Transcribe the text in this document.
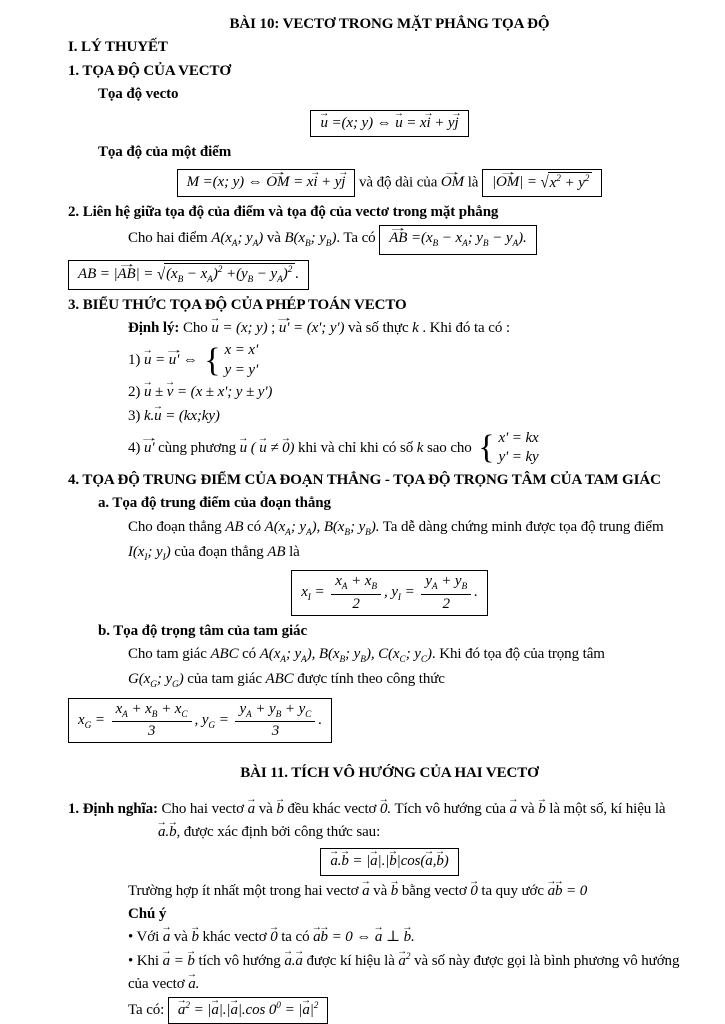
BÀI 10: VECTƠ TRONG MẶT PHẲNG TỌA ĐỘ
I. LÝ THUYẾT
1. TỌA ĐỘ CỦA VECTƠ
Tọa độ vecto
u → =(x; y) ⇔ u → = xi → + yj →
Tọa độ của một điểm
M =(x; y) ⇔ OM → = xi → + yj → và độ dài của OM → là |OM →| = √ $x^2 + y^2$
2. Liên hệ giữa tọa độ của điểm và tọa độ của vectơ trong mặt phẳng
Cho hai điểm $A(x_A$; $y_A$) và $B(x_B$; $y_B$). Ta có AB → $=(x_B - x_A$; $y_B - y_A$).
AB = |AB →| = √ $(x_B - x_A)^2 +(y_B - y_A)^2$ .
3. BIỂU THỨC TỌA ĐỘ CỦA PHÉP TOÁN VECTO
Định lý: Cho u → = (x; y) ; u' → = (x'; y') và số thực k . Khi đó ta có :
1) u → = u' → ⇔ { x = x'
y = y'
2) u → ± v → = (x ± x'; y ± y')
3) k.u → = (kx;ky)
4) u' → cùng phương u → ( u → ≠ 0 →) khi và chỉ khi có số k sao cho { x' = kx
y' = ky
4. TỌA ĐỘ TRUNG ĐIỂM CỦA ĐOẠN THẲNG - TỌA ĐỘ TRỌNG TÂM CỦA TAM GIÁC
a. Tọa độ trung điểm của đoạn thẳng
Cho đoạn thẳng AB có $A(x_A$; $y_A$), $B(x_B$; $y_B$). Ta dễ dàng chứng minh được tọa độ trung điểm
$I(x_I$; $y_I$) của đoạn thẳng AB là
$x_I = \frac{x_A + x_B}{2}$ , $y_I = \frac{y_A + y_B}{2}$ .
b. Tọa độ trọng tâm của tam giác
Cho tam giác ABC có $A(x_A$; $y_A$), $B(x_B$; $y_B$), $C(x_C$; $y_C$). Khi đó tọa độ của trọng tâm
$G(x_G$; $y_G$) của tam giác ABC được tính theo công thức
$x_G = \frac{x_A + x_B + x_C}{3}$ , $y_G = \frac{y_A + y_B + y_C}{3}$ .
BÀI 11. TÍCH VÔ HƯỚNG CỦA HAI VECTƠ
1. Định nghĩa: Cho hai vectơ a → và b → đều khác vectơ 0 →. Tích vô hướng của a → và b → là một số, kí hiệu là
a →.b →, được xác định bởi công thức sau:
a →.b → = |a →|.|b →|cos(a →,b →)
Trường hợp ít nhất một trong hai vectơ a → và b → bằng vectơ 0 → ta quy ước a →b → = 0
Chú ý
• Với a → và b → khác vectơ 0 → ta có a →b → = 0 ⇔ a → ⊥ b →.
• Khi a → = b → tích vô hướng a →.a → được kí hiệu là a →$^2$ và số này được gọi là bình phương vô hướng
của vectơ a →.
Ta có: a →$^2$ = |a →|.|a →|.cos $0^0 = |a \to|^2$
